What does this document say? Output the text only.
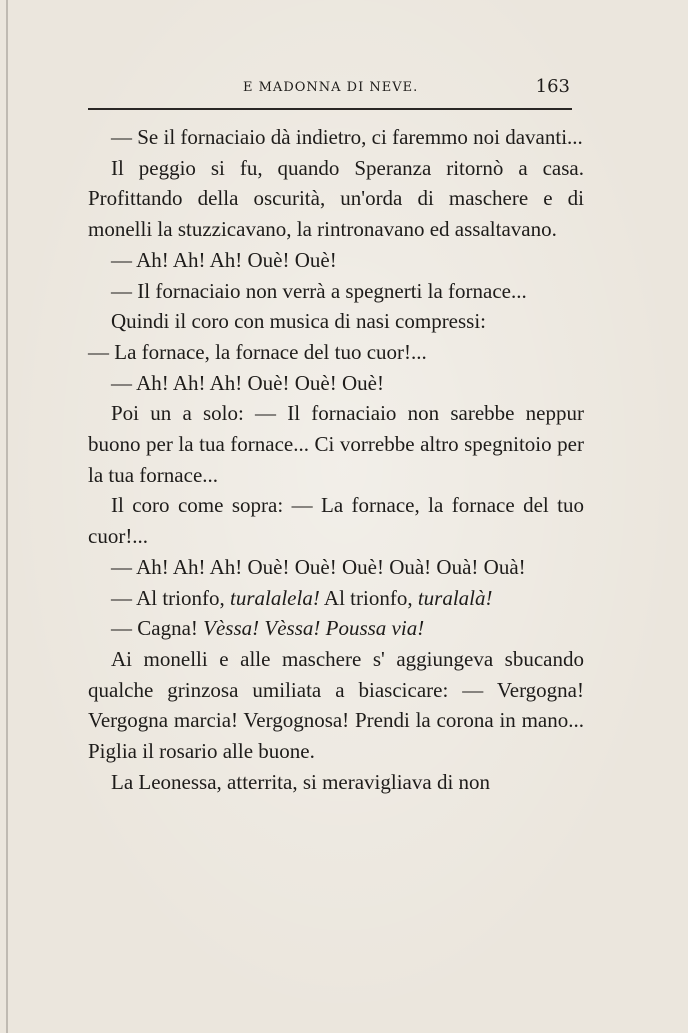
E MADONNA DI NEVE.	163

— Se il fornaciaio dà indietro, ci faremmo noi davanti...

Il peggio si fu, quando Speranza ritornò a casa. Profittando della oscurità, un'orda di maschere e di monelli la stuzzicavano, la rintronavano ed assaltavano.

— Ah! Ah! Ah! Ouè! Ouè!

— Il fornaciaio non verrà a spegnerti la fornace...

Quindi il coro con musica di nasi compressi:

— La fornace, la fornace del tuo cuor!...

— Ah! Ah! Ah! Ouè! Ouè! Ouè!

Poi un a solo: — Il fornaciaio non sarebbe neppur buono per la tua fornace... Ci vorrebbe altro spegnitoio per la tua fornace...

Il coro come sopra: — La fornace, la fornace del tuo cuor!...

— Ah! Ah! Ah! Ouè! Ouè! Ouè! Ouà! Ouà! Ouà!

— Al trionfo, turalalela! Al trionfo, turalalà!

— Cagna! Vèssa! Vèssa! Poussa via!

Ai monelli e alle maschere s' aggiungeva sbucando qualche grinzosa umiliata a biascicare: — Vergogna! Vergogna marcia! Vergognosa! Prendi la corona in mano... Piglia il rosario alle buone.

La Leonessa, atterrita, si meravigliava di non
